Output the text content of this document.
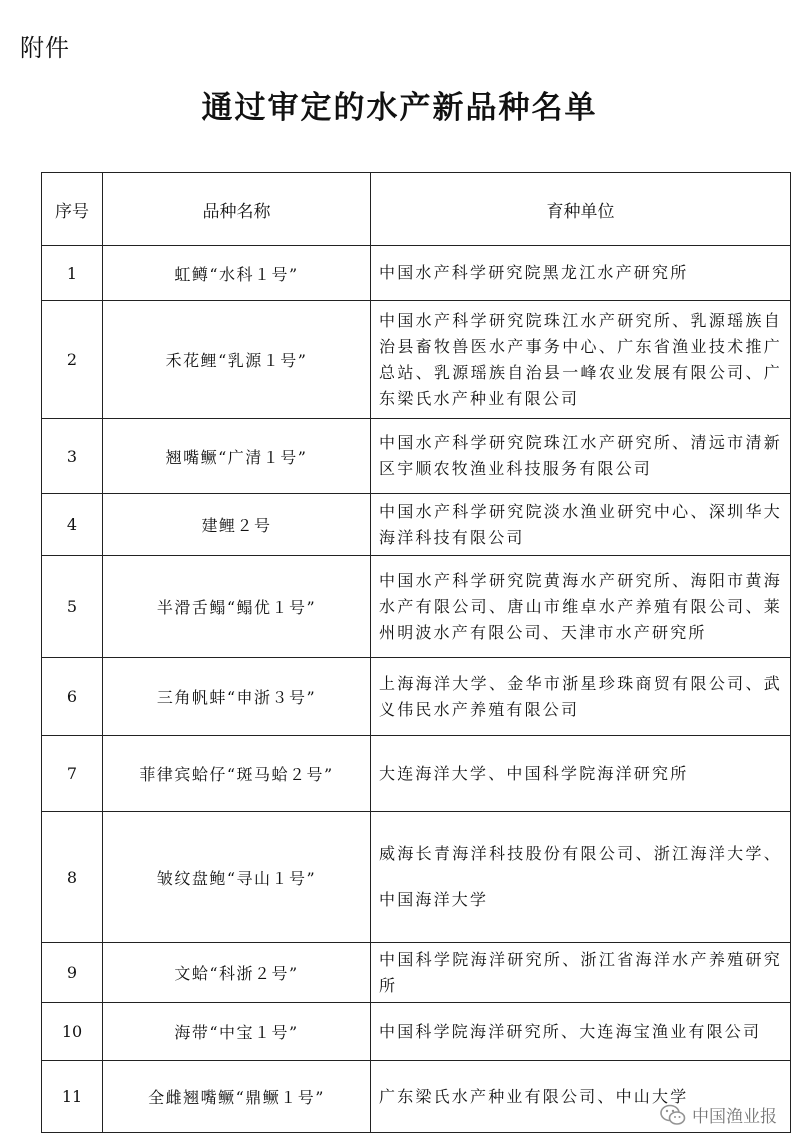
附件
通过审定的水产新品种名单
序号	品种名称	育种单位
1	虹鳟“水科１号”	中国水产科学研究院黑龙江水产研究所
2	禾花鲤“乳源１号”	中国水产科学研究院珠江水产研究所、乳源瑶族自治县畜牧兽医水产事务中心、广东省渔业技术推广总站、乳源瑶族自治县一峰农业发展有限公司、广东梁氏水产种业有限公司
3	翘嘴鳜“广清１号”	中国水产科学研究院珠江水产研究所、清远市清新区宇顺农牧渔业科技服务有限公司
4	建鲤２号	中国水产科学研究院淡水渔业研究中心、深圳华大海洋科技有限公司
5	半滑舌鳎“鳎优１号”	中国水产科学研究院黄海水产研究所、海阳市黄海水产有限公司、唐山市维卓水产养殖有限公司、莱州明波水产有限公司、天津市水产研究所
6	三角帆蚌“申浙３号”	上海海洋大学、金华市浙星珍珠商贸有限公司、武义伟民水产养殖有限公司
7	菲律宾蛤仔“斑马蛤２号”	大连海洋大学、中国科学院海洋研究所
8	皱纹盘鲍“寻山１号”	威海长青海洋科技股份有限公司、浙江海洋大学、中国海洋大学
9	文蛤“科浙２号”	中国科学院海洋研究所、浙江省海洋水产养殖研究所
10	海带“中宝１号”	中国科学院海洋研究所、大连海宝渔业有限公司
11	全雌翘嘴鳜“鼎鳜１号”	广东梁氏水产种业有限公司、中山大学
中国渔业报
